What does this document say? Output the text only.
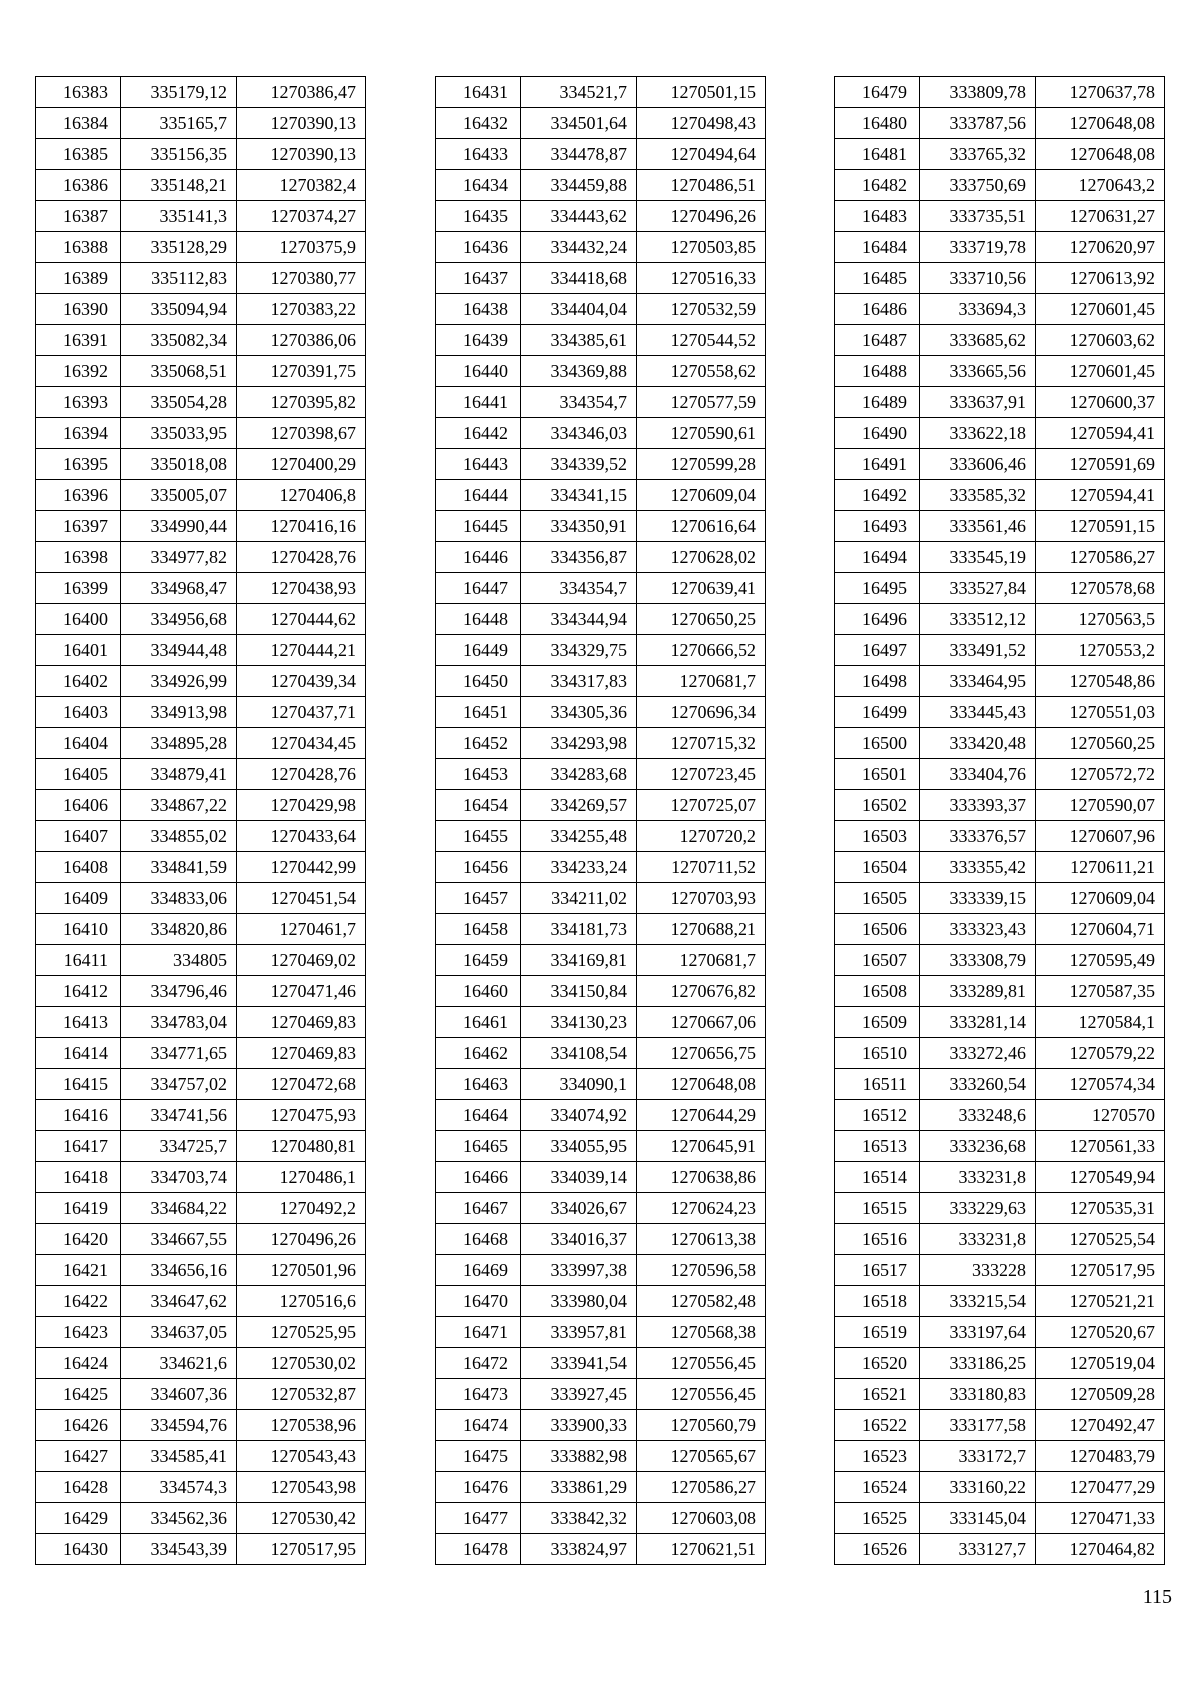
16383	335179,12	1270386,47
16384	335165,7	1270390,13
16385	335156,35	1270390,13
16386	335148,21	1270382,4
16387	335141,3	1270374,27
16388	335128,29	1270375,9
16389	335112,83	1270380,77
16390	335094,94	1270383,22
16391	335082,34	1270386,06
16392	335068,51	1270391,75
16393	335054,28	1270395,82
16394	335033,95	1270398,67
16395	335018,08	1270400,29
16396	335005,07	1270406,8
16397	334990,44	1270416,16
16398	334977,82	1270428,76
16399	334968,47	1270438,93
16400	334956,68	1270444,62
16401	334944,48	1270444,21
16402	334926,99	1270439,34
16403	334913,98	1270437,71
16404	334895,28	1270434,45
16405	334879,41	1270428,76
16406	334867,22	1270429,98
16407	334855,02	1270433,64
16408	334841,59	1270442,99
16409	334833,06	1270451,54
16410	334820,86	1270461,7
16411	334805	1270469,02
16412	334796,46	1270471,46
16413	334783,04	1270469,83
16414	334771,65	1270469,83
16415	334757,02	1270472,68
16416	334741,56	1270475,93
16417	334725,7	1270480,81
16418	334703,74	1270486,1
16419	334684,22	1270492,2
16420	334667,55	1270496,26
16421	334656,16	1270501,96
16422	334647,62	1270516,6
16423	334637,05	1270525,95
16424	334621,6	1270530,02
16425	334607,36	1270532,87
16426	334594,76	1270538,96
16427	334585,41	1270543,43
16428	334574,3	1270543,98
16429	334562,36	1270530,42
16430	334543,39	1270517,95
16431	334521,7	1270501,15
16432	334501,64	1270498,43
16433	334478,87	1270494,64
16434	334459,88	1270486,51
16435	334443,62	1270496,26
16436	334432,24	1270503,85
16437	334418,68	1270516,33
16438	334404,04	1270532,59
16439	334385,61	1270544,52
16440	334369,88	1270558,62
16441	334354,7	1270577,59
16442	334346,03	1270590,61
16443	334339,52	1270599,28
16444	334341,15	1270609,04
16445	334350,91	1270616,64
16446	334356,87	1270628,02
16447	334354,7	1270639,41
16448	334344,94	1270650,25
16449	334329,75	1270666,52
16450	334317,83	1270681,7
16451	334305,36	1270696,34
16452	334293,98	1270715,32
16453	334283,68	1270723,45
16454	334269,57	1270725,07
16455	334255,48	1270720,2
16456	334233,24	1270711,52
16457	334211,02	1270703,93
16458	334181,73	1270688,21
16459	334169,81	1270681,7
16460	334150,84	1270676,82
16461	334130,23	1270667,06
16462	334108,54	1270656,75
16463	334090,1	1270648,08
16464	334074,92	1270644,29
16465	334055,95	1270645,91
16466	334039,14	1270638,86
16467	334026,67	1270624,23
16468	334016,37	1270613,38
16469	333997,38	1270596,58
16470	333980,04	1270582,48
16471	333957,81	1270568,38
16472	333941,54	1270556,45
16473	333927,45	1270556,45
16474	333900,33	1270560,79
16475	333882,98	1270565,67
16476	333861,29	1270586,27
16477	333842,32	1270603,08
16478	333824,97	1270621,51
16479	333809,78	1270637,78
16480	333787,56	1270648,08
16481	333765,32	1270648,08
16482	333750,69	1270643,2
16483	333735,51	1270631,27
16484	333719,78	1270620,97
16485	333710,56	1270613,92
16486	333694,3	1270601,45
16487	333685,62	1270603,62
16488	333665,56	1270601,45
16489	333637,91	1270600,37
16490	333622,18	1270594,41
16491	333606,46	1270591,69
16492	333585,32	1270594,41
16493	333561,46	1270591,15
16494	333545,19	1270586,27
16495	333527,84	1270578,68
16496	333512,12	1270563,5
16497	333491,52	1270553,2
16498	333464,95	1270548,86
16499	333445,43	1270551,03
16500	333420,48	1270560,25
16501	333404,76	1270572,72
16502	333393,37	1270590,07
16503	333376,57	1270607,96
16504	333355,42	1270611,21
16505	333339,15	1270609,04
16506	333323,43	1270604,71
16507	333308,79	1270595,49
16508	333289,81	1270587,35
16509	333281,14	1270584,1
16510	333272,46	1270579,22
16511	333260,54	1270574,34
16512	333248,6	1270570
16513	333236,68	1270561,33
16514	333231,8	1270549,94
16515	333229,63	1270535,31
16516	333231,8	1270525,54
16517	333228	1270517,95
16518	333215,54	1270521,21
16519	333197,64	1270520,67
16520	333186,25	1270519,04
16521	333180,83	1270509,28
16522	333177,58	1270492,47
16523	333172,7	1270483,79
16524	333160,22	1270477,29
16525	333145,04	1270471,33
16526	333127,7	1270464,82
115
